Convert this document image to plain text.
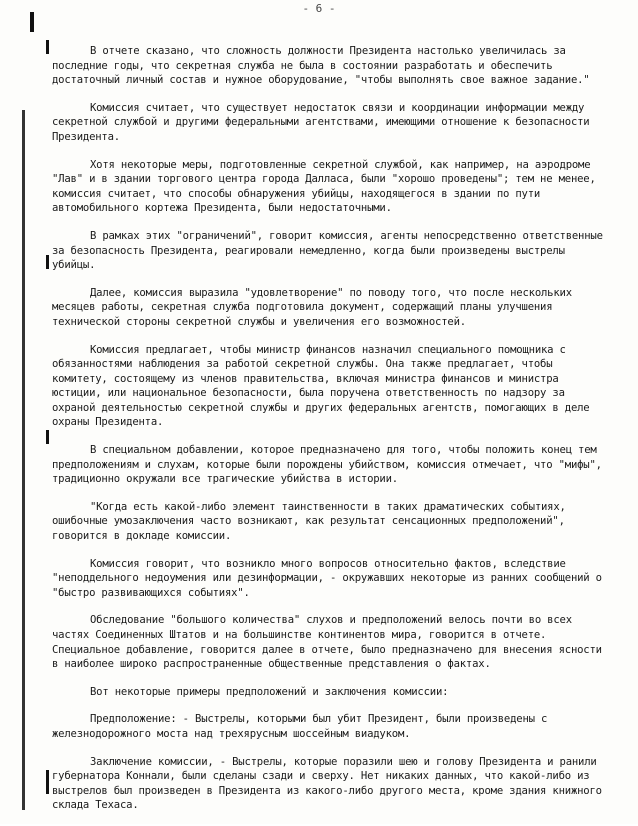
- 6 -

В отчете сказано, что сложность должности Президента настолько увеличилась за последние годы, что секретная служба не была в состоянии разработать и обеспечить достаточный личный состав и нужное оборудование, "чтобы выполнять свое важное задание."

Комиссия считает, что существует недостаток связи и координации информации между секретной службой и другими федеральными агентствами, имеющими отношение к безопасности Президента.

Хотя некоторые меры, подготовленные секретной службой, как например, на аэродроме "Лав" и в здании торгового центра города Далласа, были "хорошо проведены"; тем не менее, комиссия считает, что способы обнаружения убийцы, находящегося в здании по пути автомобильного кортежа Президента, были недостаточными.

В рамках этих "ограничений", говорит комиссия, агенты непосредственно ответственные за безопасность Президента, реагировали немедленно, когда были произведены выстрелы убийцы.

Далее, комиссия выразила "удовлетворение" по поводу того, что после нескольких месяцев работы, секретная служба подготовила документ, содержащий планы улучшения технической стороны секретной службы и увеличения его возможностей.

Комиссия предлагает, чтобы министр финансов назначил специального помощника с обязанностями наблюдения за работой секретной службы. Она также предлагает, чтобы комитету, состоящему из членов правительства, включая министра финансов и министра юстиции, или национальное безопасности, была поручена ответственность по надзору за охраной деятельностью секретной службы и других федеральных агентств, помогающих в деле охраны Президента.

В специальном добавлении, которое предназначено для того, чтобы положить конец тем предположениям и слухам, которые были порождены убийством, комиссия отмечает, что "мифы", традиционно окружали все трагические убийства в истории.

"Когда есть какой-либо элемент таинственности в таких драматических событиях, ошибочные умозаключения часто возникают, как результат сенсационных предположений", говорится в докладе комиссии.

Комиссия говорит, что возникло много вопросов относительно фактов, вследствие "неподдельного недоумения или дезинформации, - окружавших некоторые из ранних сообщений о "быстро развивающихся событиях".

Обследование "большого количества" слухов и предположений велось почти во всех частях Соединенных Штатов и на большинстве континентов мира, говорится в отчете. Специальное добавление, говорится далее в отчете, было предназначено для внесения ясности в наиболее широко распространенные общественные представления о фактах.

Вот некоторые примеры предположений и заключения комиссии:

Предположение: - Выстрелы, которыми был убит Президент, были произведены с железнодорожного моста над трехярусным шоссейным виадуком.

Заключение комиссии, - Выстрелы, которые поразили шею и голову Президента и ранили губернатора Коннали, были сделаны сзади и сверху. Нет никаких данных, что какой-либо из выстрелов был произведен в Президента из какого-либо другого места, кроме здания книжного склада Техаса.
